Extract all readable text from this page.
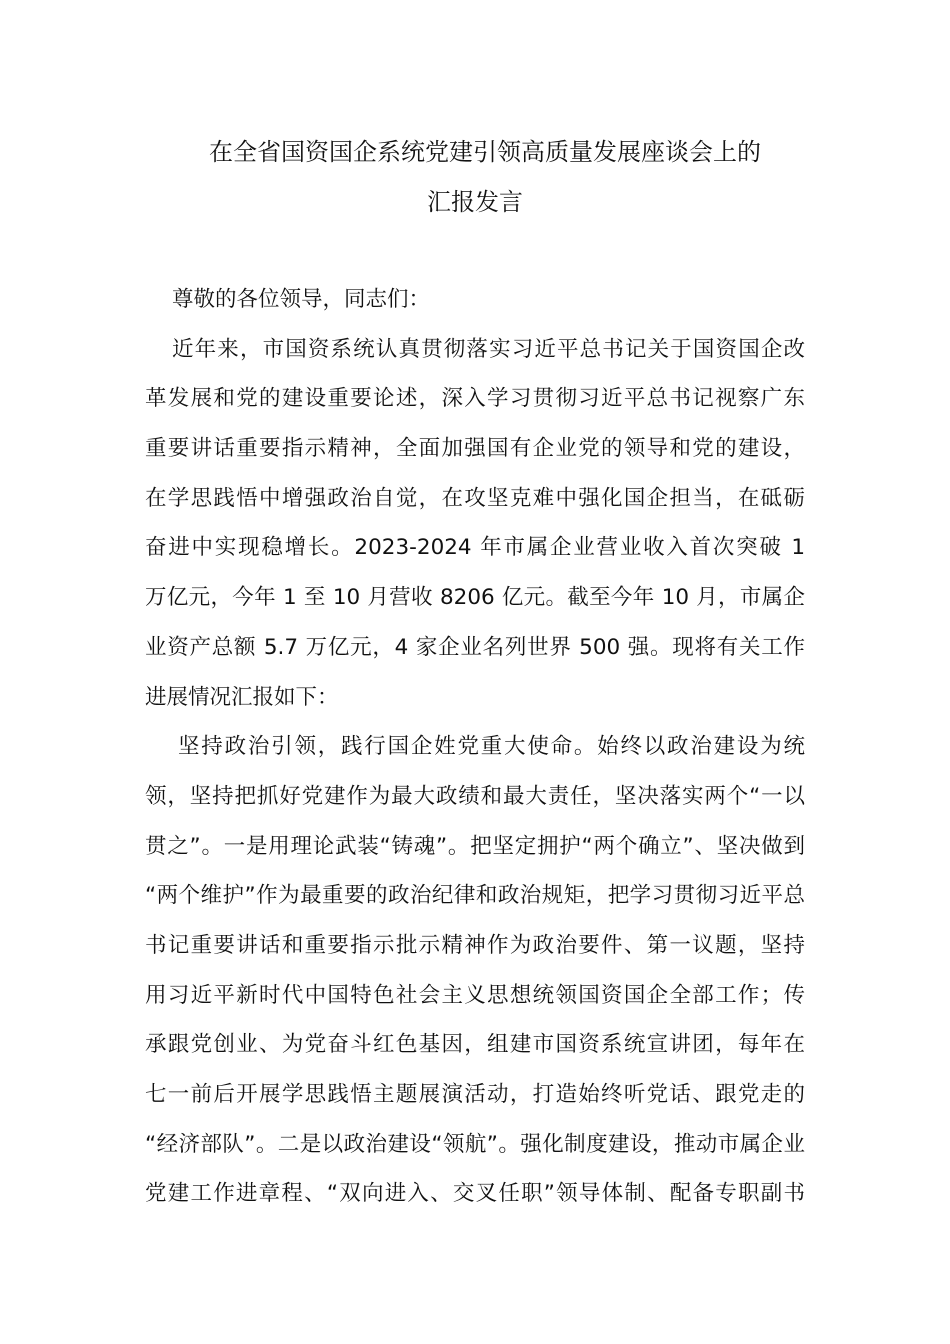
在全省国资国企系统党建引领高质量发展座谈会上的
汇报发言
尊敬的各位领导，同志们：
近年来，市国资系统认真贯彻落实习近平总书记关于国资国企改
革发展和党的建设重要论述，深入学习贯彻习近平总书记视察广东
重要讲话重要指示精神，全面加强国有企业党的领导和党的建设，
在学思践悟中增强政治自觉，在攻坚克难中强化国企担当，在砥砺
奋进中实现稳增长。2023-2024 年市属企业营业收入首次突破 1
万亿元，今年 1 至 10 月营收 8206 亿元。截至今年 10 月，市属企
业资产总额 5.7 万亿元，4 家企业名列世界 500 强。现将有关工作
进展情况汇报如下：
坚持政治引领，践行国企姓党重大使命。始终以政治建设为统
领，坚持把抓好党建作为最大政绩和最大责任，坚决落实两个“一以
贯之”。一是用理论武装“铸魂”。把坚定拥护“两个确立”、坚决做到
“两个维护”作为最重要的政治纪律和政治规矩，把学习贯彻习近平总
书记重要讲话和重要指示批示精神作为政治要件、第一议题，坚持
用习近平新时代中国特色社会主义思想统领国资国企全部工作；传
承跟党创业、为党奋斗红色基因，组建市国资系统宣讲团，每年在
七一前后开展学思践悟主题展演活动，打造始终听党话、跟党走的
“经济部队”。二是以政治建设“领航”。强化制度建设，推动市属企业
党建工作进章程、“双向进入、交叉任职”领导体制、配备专职副书
